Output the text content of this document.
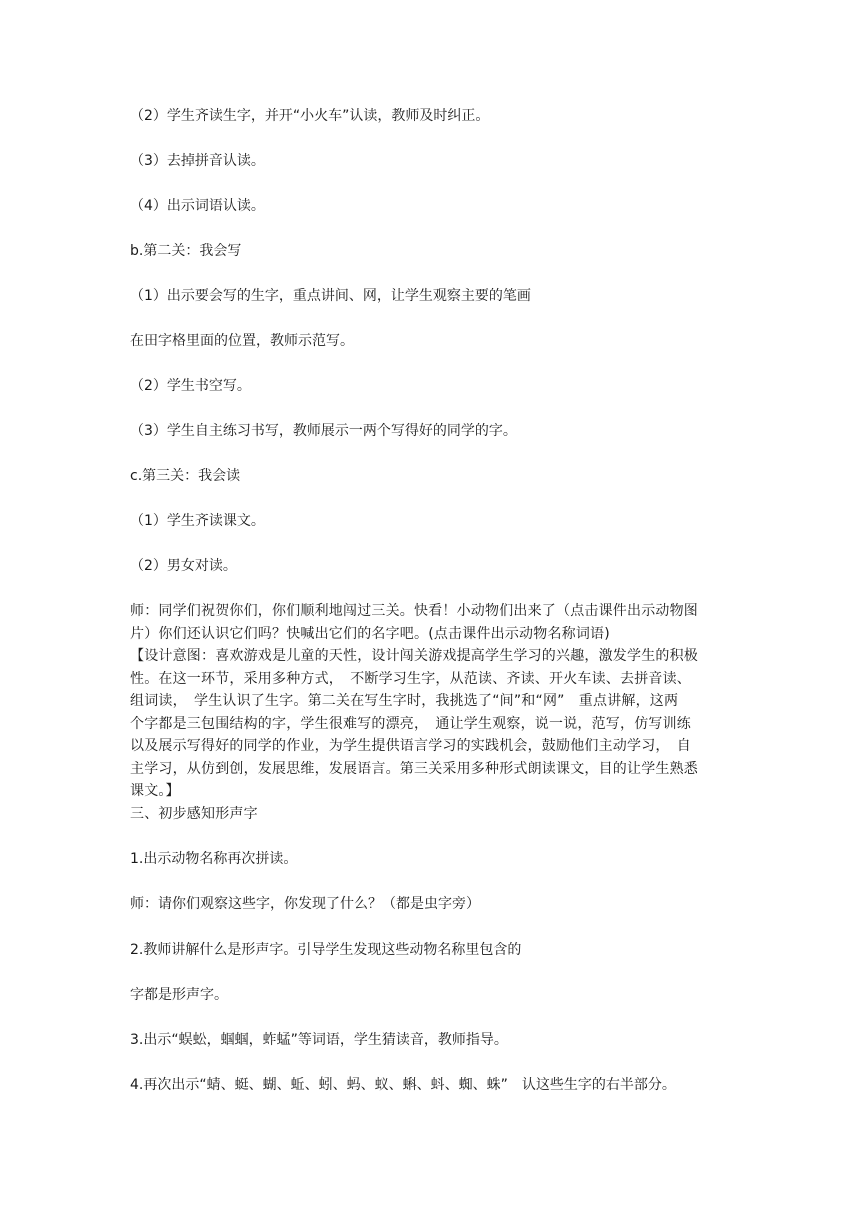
（2）学生齐读生字，并开“小火车”认读，教师及时纠正。
（3）去掉拼音认读。
（4）出示词语认读。
b.第二关：我会写
（1）出示要会写的生字，重点讲间、网，让学生观察主要的笔画
在田字格里面的位置，教师示范写。
（2）学生书空写。
（3）学生自主练习书写，教师展示一两个写得好的同学的字。
c.第三关：我会读
（1）学生齐读课文。
（2）男女对读。
师：同学们祝贺你们，你们顺利地闯过三关。快看！小动物们出来了（点击课件出示动物图
片）你们还认识它们吗？快喊出它们的名字吧。(点击课件出示动物名称词语)
【设计意图：喜欢游戏是儿童的天性，设计闯关游戏提高学生学习的兴趣，激发学生的积极
性。在这一环节，采用多种方式，　不断学习生字，从范读、齐读、开火车读、去拼音读、
组词读，　学生认识了生字。第二关在写生字时，我挑选了“间”和“网”　重点讲解，这两
个字都是三包围结构的字，学生很难写的漂亮，　通让学生观察，说一说，范写，仿写训练
以及展示写得好的同学的作业，为学生提供语言学习的实践机会，鼓励他们主动学习，　自
主学习，从仿到创，发展思维，发展语言。第三关采用多种形式朗读课文，目的让学生熟悉
课文。】
三、初步感知形声字
1.出示动物名称再次拼读。
师：请你们观察这些字，你发现了什么？（都是虫字旁）
2.教师讲解什么是形声字。引导学生发现这些动物名称里包含的
字都是形声字。
3.出示“蜈蚣，蝈蝈，蚱蜢”等词语，学生猜读音，教师指导。
4.再次出示“蜻、蜓、蝴、蚯、蚓、蚂、蚁、蝌、蚪、蜘、蛛”　认这些生字的右半部分。
